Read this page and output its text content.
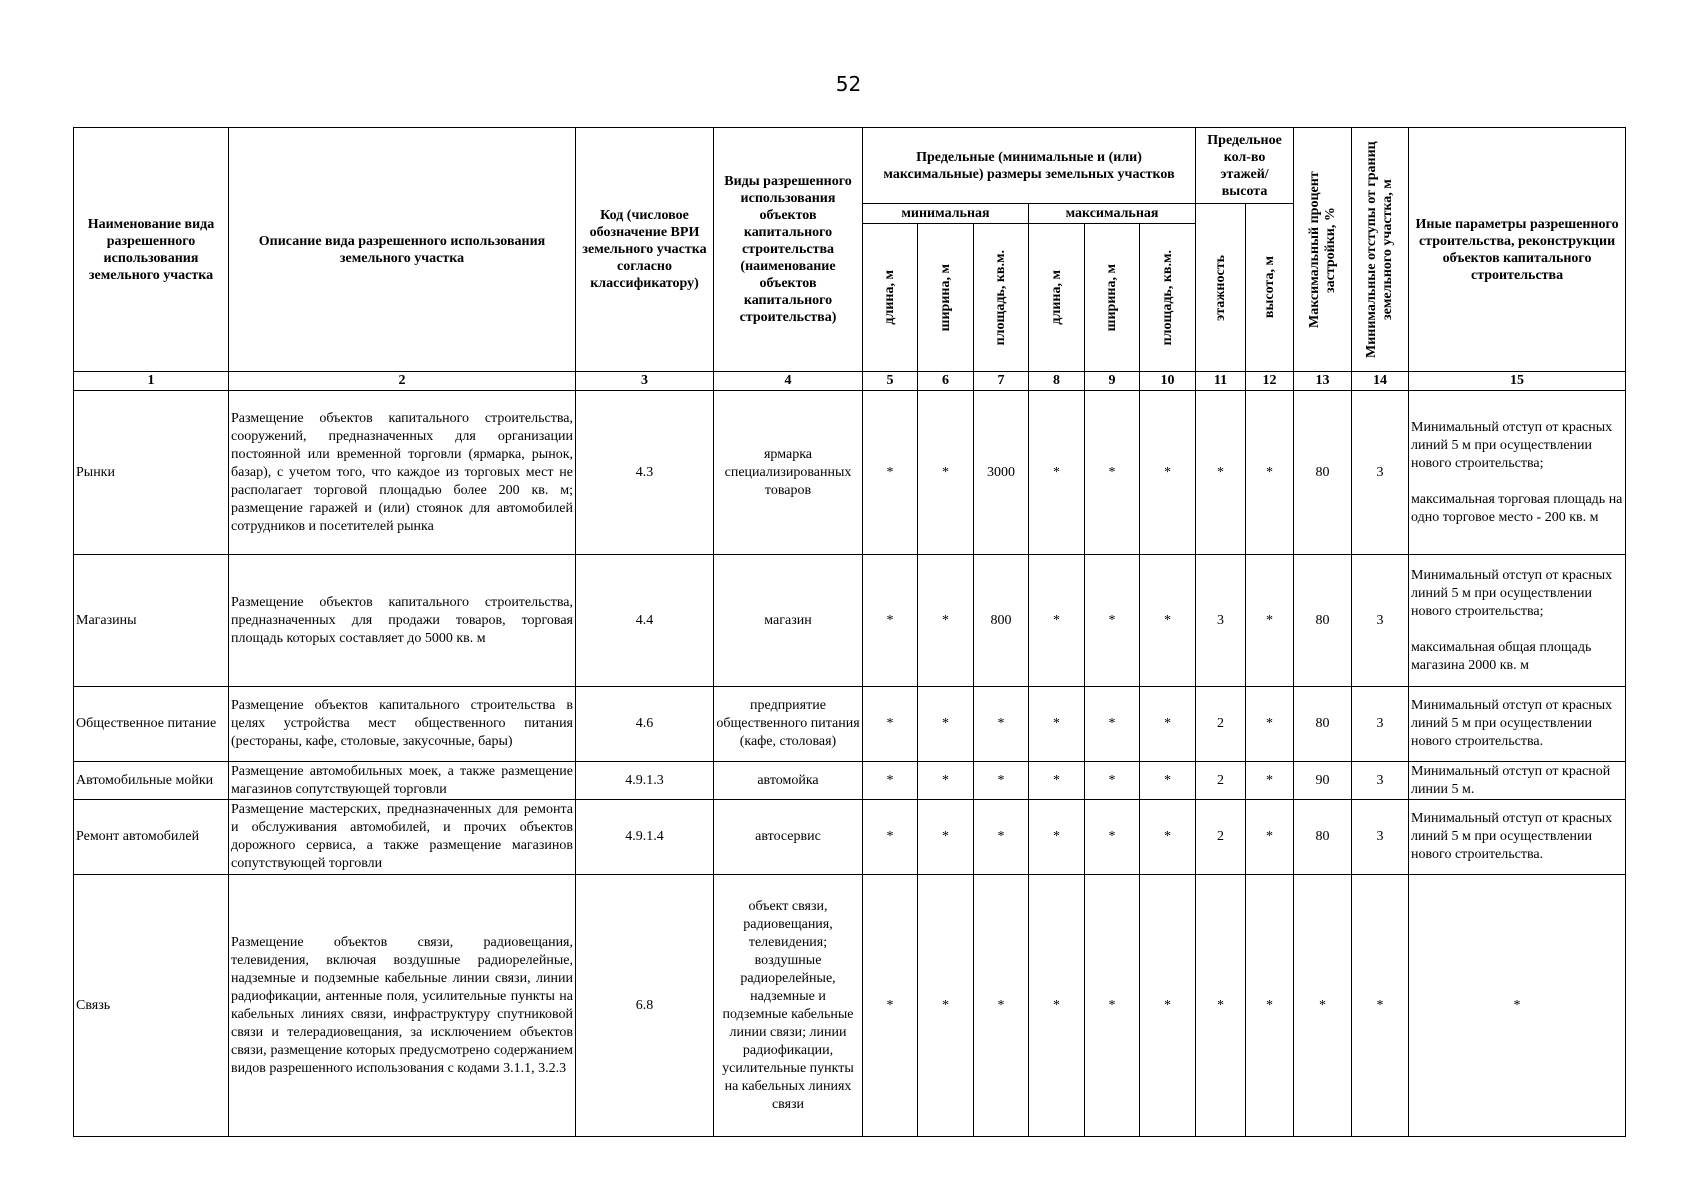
52
Наименование вида разрешенного использования земельного участка	Описание вида разрешенного использования земельного участка	Код (числовое обозначение ВРИ земельного участка согласно классификатору)	Виды разрешенного использования объектов капитального строительства (наименование объектов капитального строительства)	Предельные (минимальные и (или) максимальные) размеры земельных участков						Предельное кол-во этажей/ высота		Максимальный процент застройки, %	Минимальные отступы от границ земельного участка, м	Иные параметры разрешенного строительства, реконструкции объектов капитального строительства
				минимальная			максимальная			этажность	высота, м			

				длина, м	ширина, м	площадь, кв.м.	длина, м	ширина, м	площадь, кв.м.					

1	2	3	4	5	6	7	8	9	10	11	12	13	14	15
Рынки	Размещение объектов капитального строительства, сооружений, предназначенных для организации постоянной или временной торговли (ярмарка, рынок, базар), с учетом того, что каждое из торговых мест не располагает торговой площадью более 200 кв. м; размещение гаражей и (или) стоянок для автомобилей сотрудников и посетителей рынка	4.3	ярмарка специализированных товаров	*	*	3000	*	*	*	*	*	80	3	Минимальный отступ от красных линий 5 м при осуществлении нового строительства;

максимальная торговая площадь на одно торговое место - 200 кв. м

Магазины	Размещение объектов капитального строительства, предназначенных для продажи товаров, торговая площадь которых составляет до 5000 кв. м	4.4	магазин	*	*	800	*	*	*	3	*	80	3	Минимальный отступ от красных линий 5 м при осуществлении нового строительства;

максимальная общая площадь магазина 2000 кв. м

Общественное питание	Размещение объектов капитального строительства в целях устройства мест общественного питания (рестораны, кафе, столовые, закусочные, бары)	4.6	предприятие общественного питания (кафе, столовая)	*	*	*	*	*	*	2	*	80	3	Минимальный отступ от красных линий 5 м при осуществлении нового строительства.

Автомобильные мойки	Размещение автомобильных моек, а также размещение магазинов сопутствующей торговли	4.9.1.3	автомойка	*	*	*	*	*	*	2	*	90	3	Минимальный отступ от красной линии 5 м.

Ремонт автомобилей	Размещение мастерских, предназначенных для ремонта и обслуживания автомобилей, и прочих объектов дорожного сервиса, а также размещение магазинов сопутствующей торговли	4.9.1.4	автосервис	*	*	*	*	*	*	2	*	80	3	Минимальный отступ от красных линий 5 м при осуществлении нового строительства.

Связь	Размещение объектов связи, радиовещания, телевидения, включая воздушные радиорелейные, надземные и подземные кабельные линии связи, линии радиофикации, антенные поля, усилительные пункты на кабельных линиях связи, инфраструктуру спутниковой связи и телерадиовещания, за исключением объектов связи, размещение которых предусмотрено содержанием видов разрешенного использования с кодами 3.1.1, 3.2.3	6.8	объект связи, радиовещания, телевидения; воздушные радиорелейные, надземные и подземные кабельные линии связи; линии радиофикации, усилительные пункты на кабельных линиях связи	*	*	*	*	*	*	*	*	*	*	*
